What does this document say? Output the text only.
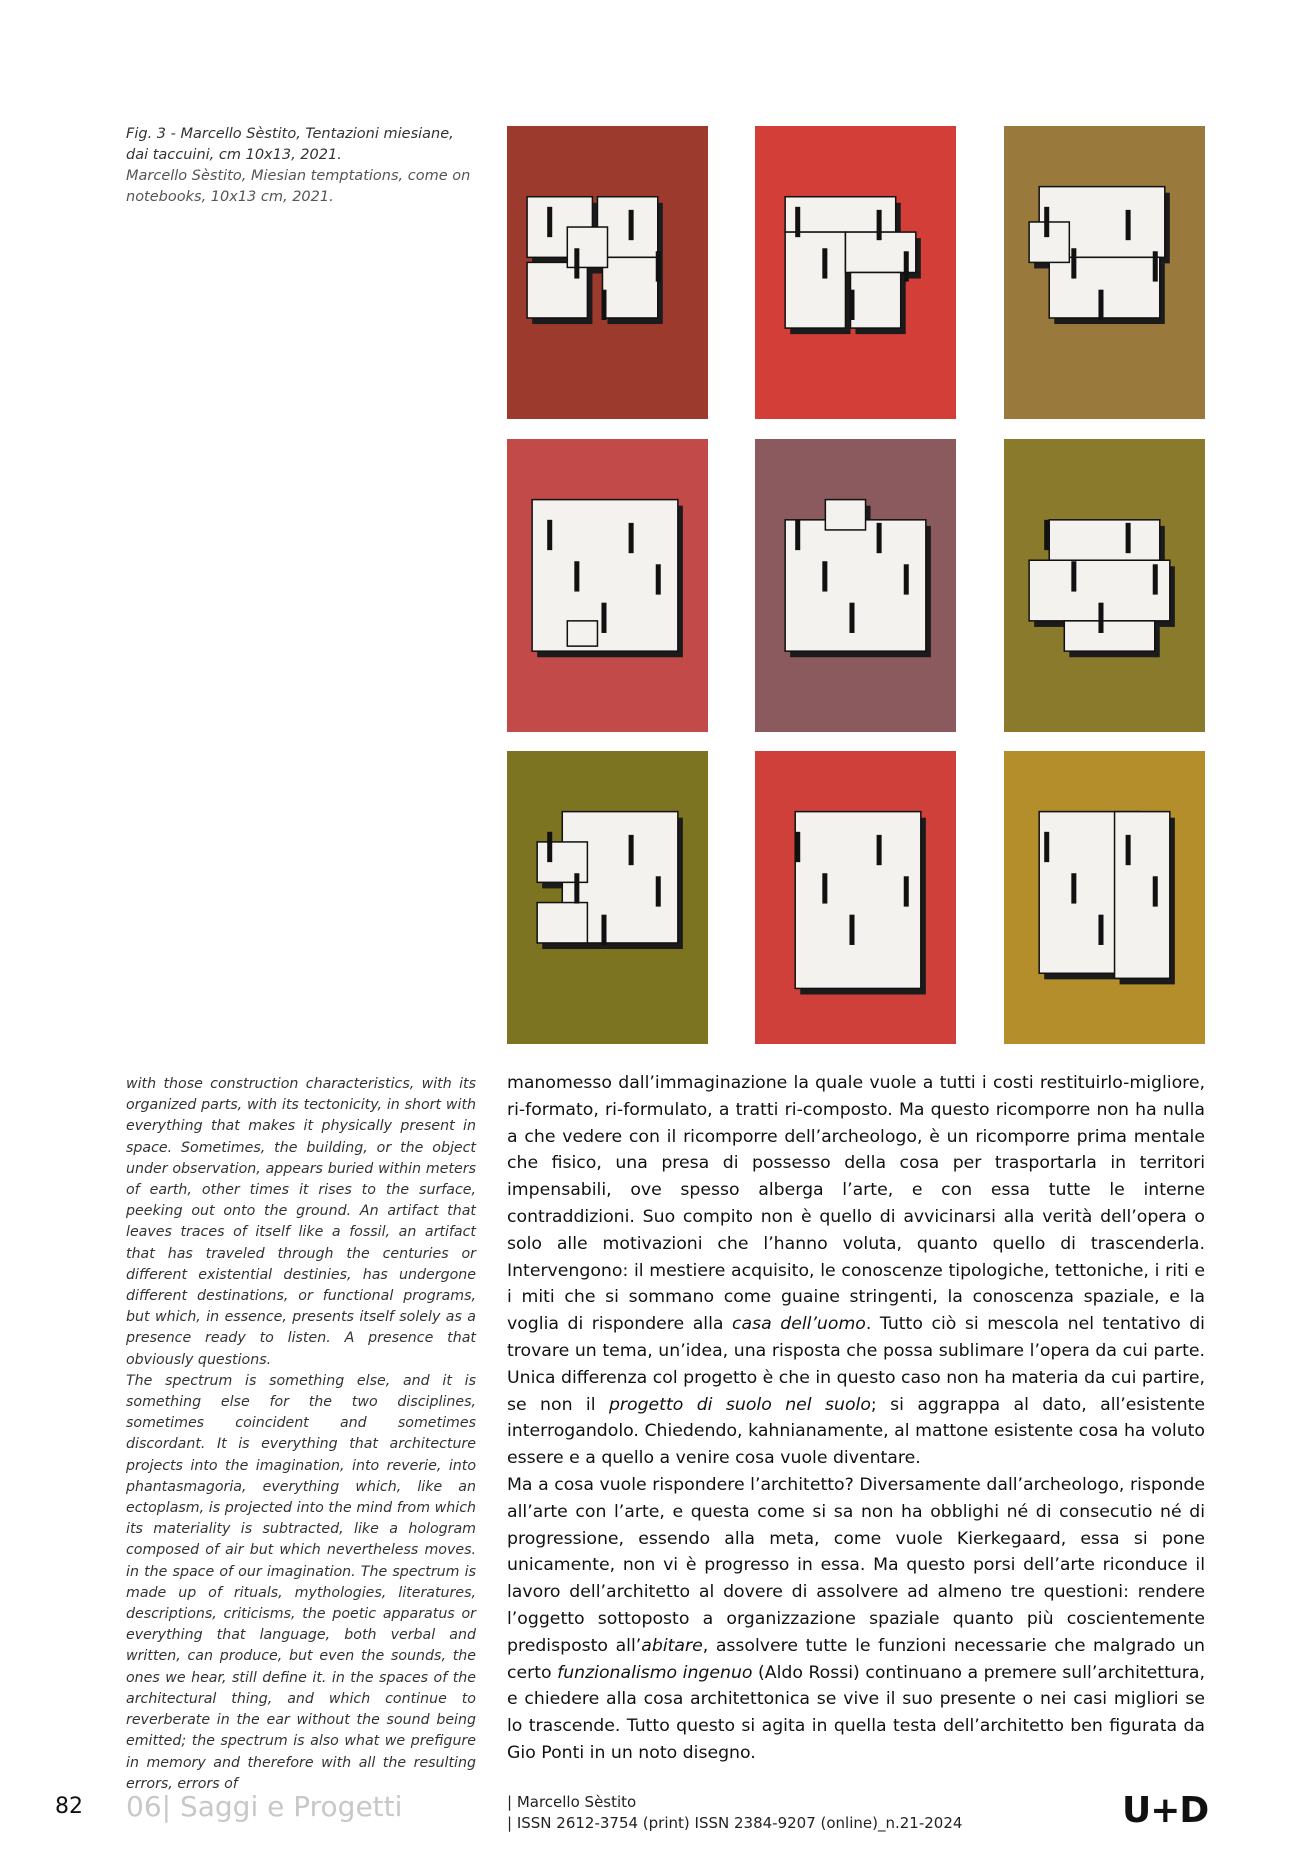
Fig. 3 - Marcello Sèstito, Tentazioni miesiane, dai taccuini, cm 10x13, 2021.
Marcello Sèstito, Miesian temptations, come on notebooks, 10x13 cm, 2021.

with those construction characteristics, with its organized parts, with its tectonicity, in short with everything that makes it physically present in space. Sometimes, the building, or the object under observation, appears buried within meters of earth, other times it rises to the surface, peeking out onto the ground. An artifact that leaves traces of itself like a fossil, an artifact that has traveled through the centuries or different existential destinies, has undergone different destinations, or functional programs, but which, in essence, presents itself solely as a presence ready to listen. A presence that obviously questions.

The spectrum is something else, and it is something else for the two disciplines, sometimes coincident and sometimes discordant. It is everything that architecture projects into the imagination, into reverie, into phantasmagoria, everything which, like an ectoplasm, is projected into the mind from which its materiality is subtracted, like a hologram composed of air but which nevertheless moves. in the space of our imagination. The spectrum is made up of rituals, mythologies, literatures, descriptions, criticisms, the poetic apparatus or everything that language, both verbal and written, can produce, but even the sounds, the ones we hear, still define it. in the spaces of the architectural thing, and which continue to reverberate in the ear without the sound being emitted; the spectrum is also what we prefigure in memory and therefore with all the resulting errors, errors of

manomesso dall’immaginazione la quale vuole a tutti i costi restituirlo-migliore, ri-formato, ri-formulato, a tratti ri-composto. Ma questo ricomporre non ha nulla a che vedere con il ricomporre dell’archeologo, è un ricomporre prima mentale che fisico, una presa di possesso della cosa per trasportarla in territori impensabili, ove spesso alberga l’arte, e con essa tutte le interne contraddizioni. Suo compito non è quello di avvicinarsi alla verità dell’opera o solo alle motivazioni che l’hanno voluta, quanto quello di trascenderla. Intervengono: il mestiere acquisito, le conoscenze tipologiche, tettoniche, i riti e i miti che si sommano come guaine stringenti, la conoscenza spaziale, e la voglia di rispondere alla casa dell’uomo. Tutto ciò si mescola nel tentativo di trovare un tema, un’idea, una risposta che possa sublimare l’opera da cui parte. Unica differenza col progetto è che in questo caso non ha materia da cui partire, se non il progetto di suolo nel suolo; si aggrappa al dato, all’esistente interrogandolo. Chiedendo, kahnianamente, al mattone esistente cosa ha voluto essere e a quello a venire cosa vuole diventare.

Ma a cosa vuole rispondere l’architetto? Diversamente dall’archeologo, risponde all’arte con l’arte, e questa come si sa non ha obblighi né di consecutio né di progressione, essendo alla meta, come vuole Kierkegaard, essa si pone unicamente, non vi è progresso in essa. Ma questo porsi dell’arte riconduce il lavoro dell’architetto al dovere di assolvere ad almeno tre questioni: rendere l’oggetto sottoposto a organizzazione spaziale quanto più coscientemente predisposto all’abitare, assolvere tutte le funzioni necessarie che malgrado un certo funzionalismo ingenuo (Aldo Rossi) continuano a premere sull’architettura, e chiedere alla cosa architettonica se vive il suo presente o nei casi migliori se lo trascende. Tutto questo si agita in quella testa dell’architetto ben figurata da Gio Ponti in un noto disegno.

82 06| Saggi e Progetti	| Marcello Sèstito
| ISSN 2612-3754 (print) ISSN 2384-9207 (online)_n.21-2024	U+D
